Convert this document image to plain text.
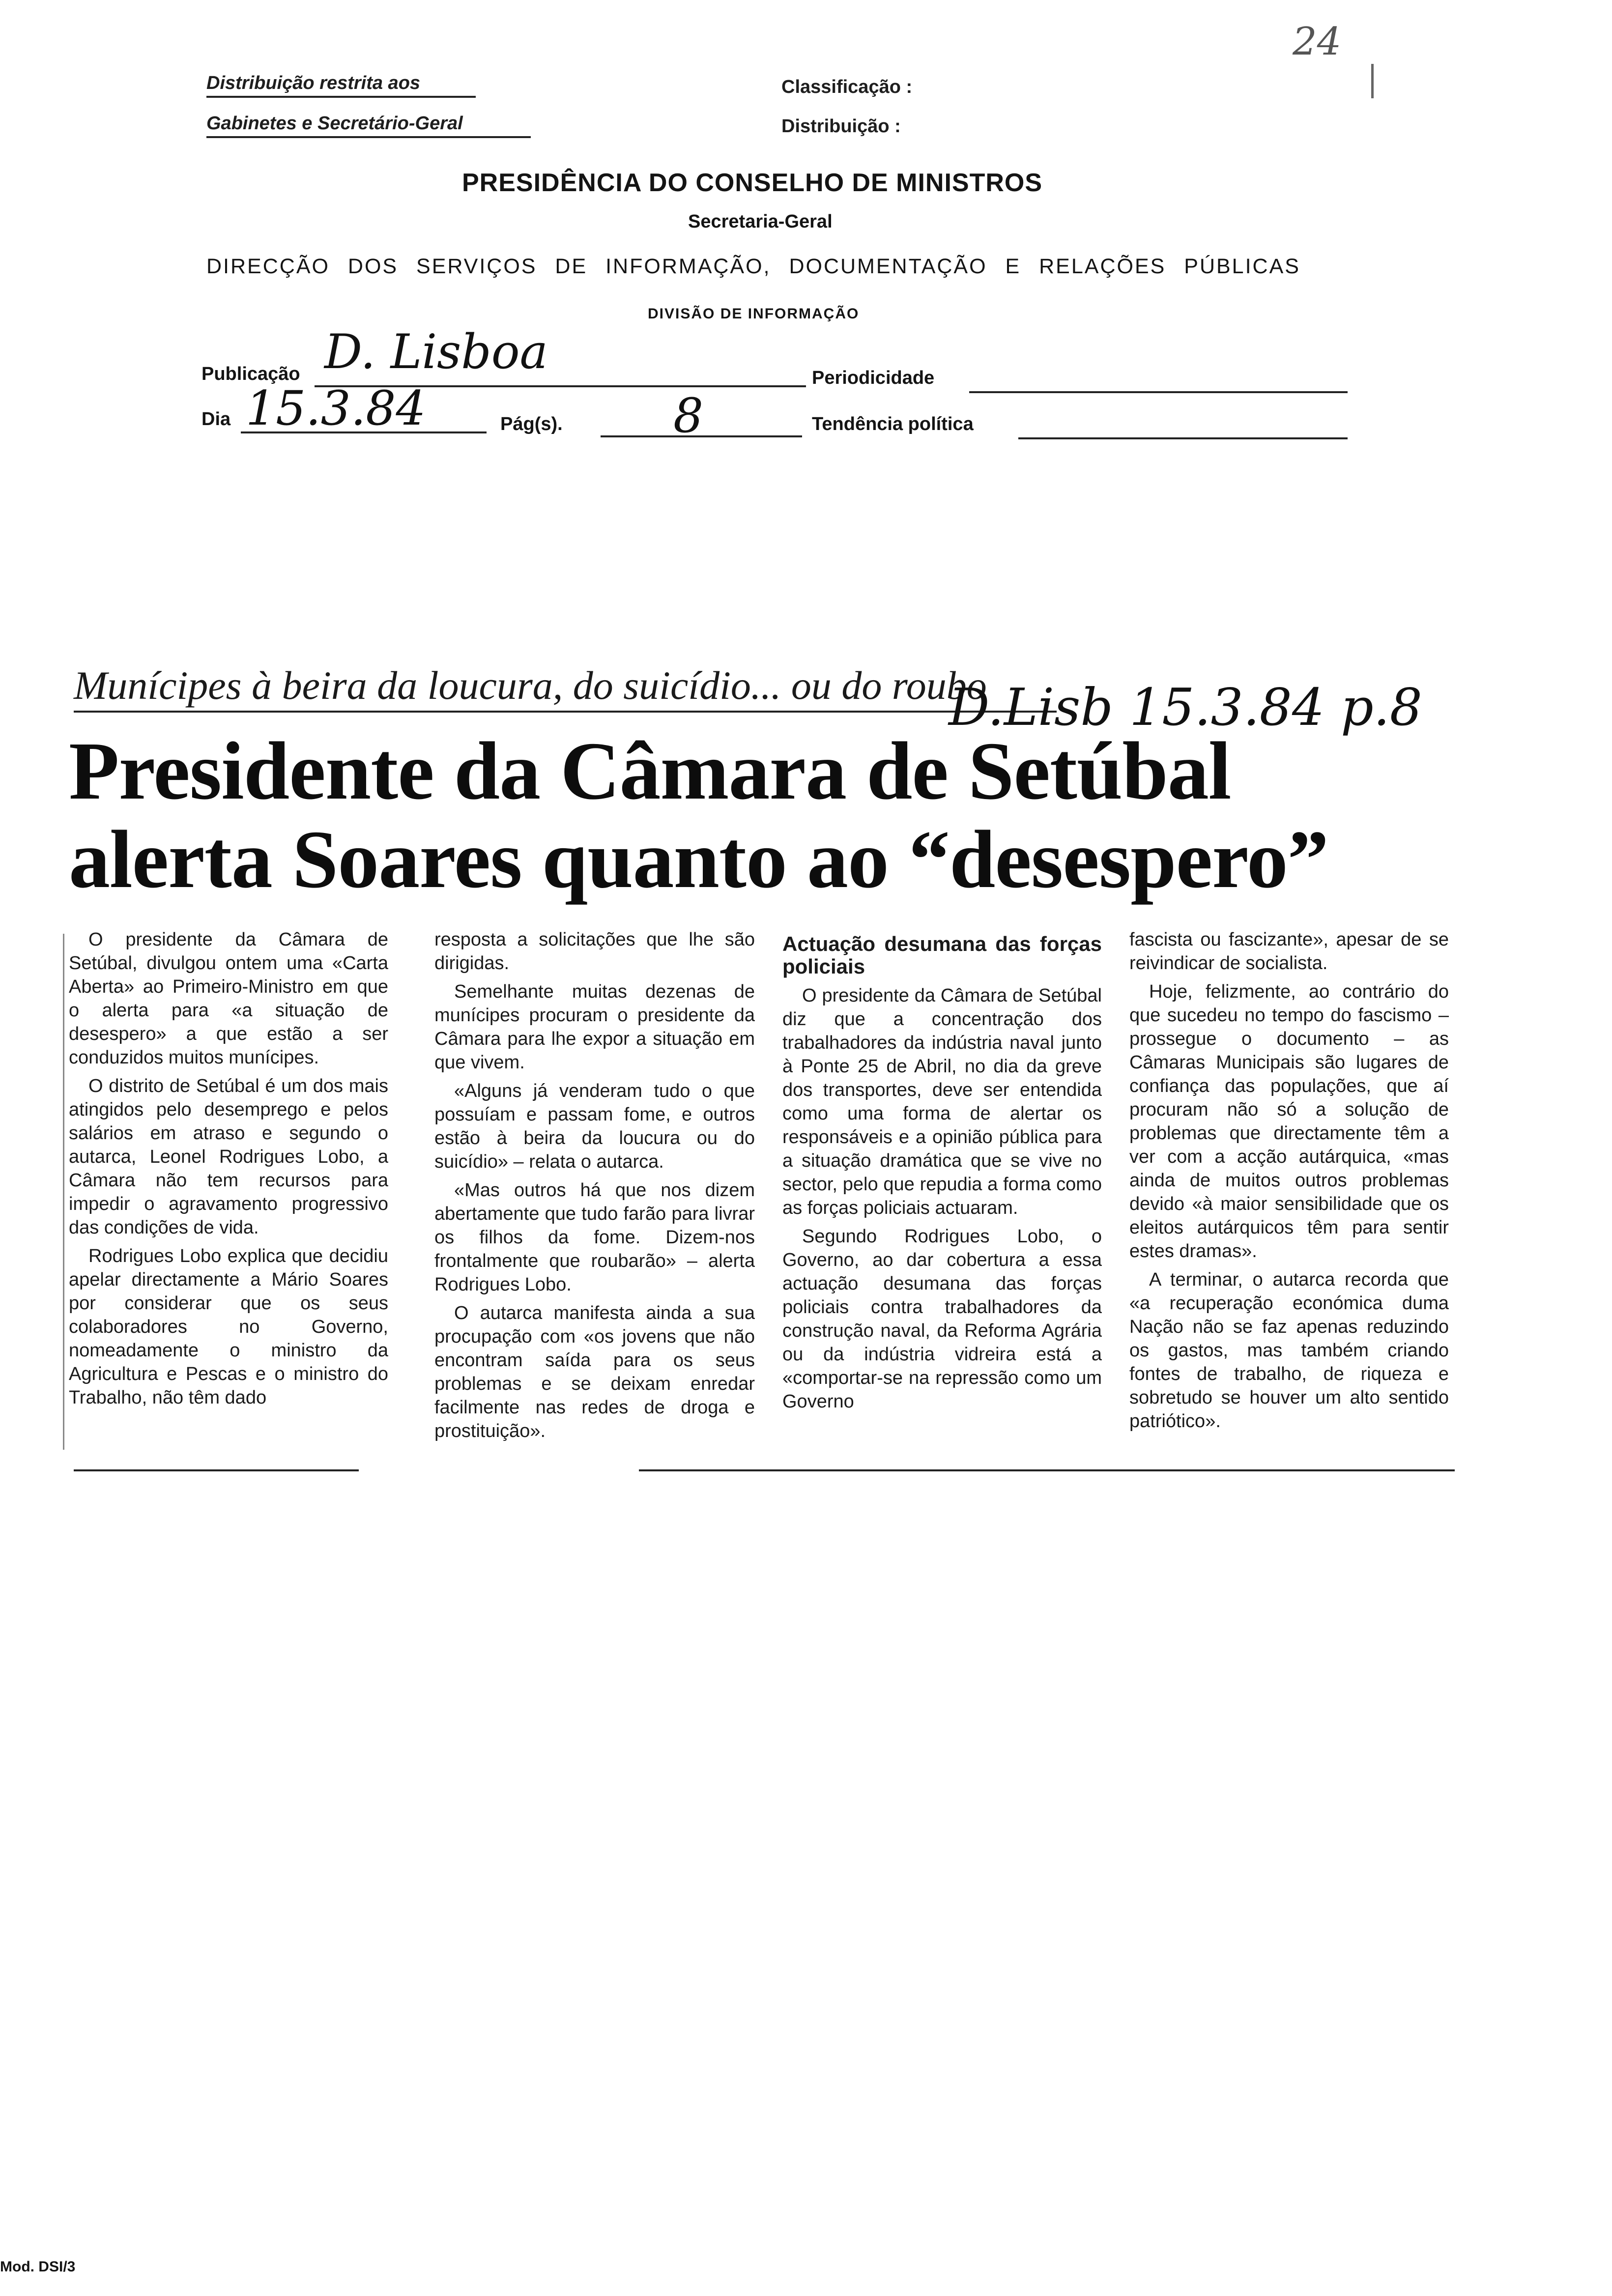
Distribuição restrita aos
Gabinetes e Secretário-Geral
Classificação :
Distribuição :
24
PRESIDÊNCIA DO CONSELHO DE MINISTROS
Secretaria-Geral
DIRECÇÃO DOS SERVIÇOS DE INFORMAÇÃO, DOCUMENTAÇÃO E RELAÇÕES PÚBLICAS
DIVISÃO DE INFORMAÇÃO
Publicação D. Lisboa	Periodicidade
Dia 15.3.84	Pág(s). 8	Tendência política
Munícipes à beira da loucura, do suicídio... ou do roubo
D.Lisb 15.3.84 p.8
Presidente da Câmara de Setúbal
alerta Soares quanto ao “desespero”

O presidente da Câmara de Setúbal, divulgou ontem uma «Carta Aberta» ao Primeiro-Ministro em que o alerta para «a situação de desespero» a que estão a ser conduzidos muitos munícipes.

O distrito de Setúbal é um dos mais atingidos pelo desemprego e pelos salários em atraso e segundo o autarca, Leonel Rodrigues Lobo, a Câmara não tem recursos para impedir o agravamento progressivo das condições de vida.

Rodrigues Lobo explica que decidiu apelar directamente a Mário Soares por considerar que os seus colaboradores no Governo, nomeadamente o ministro da Agricultura e Pescas e o ministro do Trabalho, não têm dado

resposta a solicitações que lhe são dirigidas.

Semelhante muitas dezenas de munícipes procuram o presidente da Câmara para lhe expor a situação em que vivem.

«Alguns já venderam tudo o que possuíam e passam fome, e outros estão à beira da loucura ou do suicídio» – relata o autarca.

«Mas outros há que nos dizem abertamente que tudo farão para livrar os filhos da fome. Dizem-nos frontalmente que roubarão» – alerta Rodrigues Lobo.

O autarca manifesta ainda a sua procupação com «os jovens que não encontram saída para os seus problemas e se deixam enredar facilmente nas redes de droga e prostituição».

Actuação desumana das forças policiais

O presidente da Câmara de Setúbal diz que a concentração dos trabalhadores da indústria naval junto à Ponte 25 de Abril, no dia da greve dos transportes, deve ser entendida como uma forma de alertar os responsáveis e a opinião pública para a situação dramática que se vive no sector, pelo que repudia a forma como as forças policiais actuaram.

Segundo Rodrigues Lobo, o Governo, ao dar cobertura a essa actuação desumana das forças policiais contra trabalhadores da construção naval, da Reforma Agrária ou da indústria vidreira está a «comportar-se na repressão como um Governo

fascista ou fascizante», apesar de se reivindicar de socialista.

Hoje, felizmente, ao contrário do que sucedeu no tempo do fascismo – prossegue o documento – as Câmaras Municipais são lugares de confiança das populações, que aí procuram não só a solução de problemas que directamente têm a ver com a acção autárquica, «mas ainda de muitos outros problemas devido «à maior sensibilidade que os eleitos autárquicos têm para sentir estes dramas».

A terminar, o autarca recorda que «a recuperação económica duma Nação não se faz apenas reduzindo os gastos, mas também criando fontes de trabalho, de riqueza e sobretudo se houver um alto sentido patriótico».

Mod. DSI/3
